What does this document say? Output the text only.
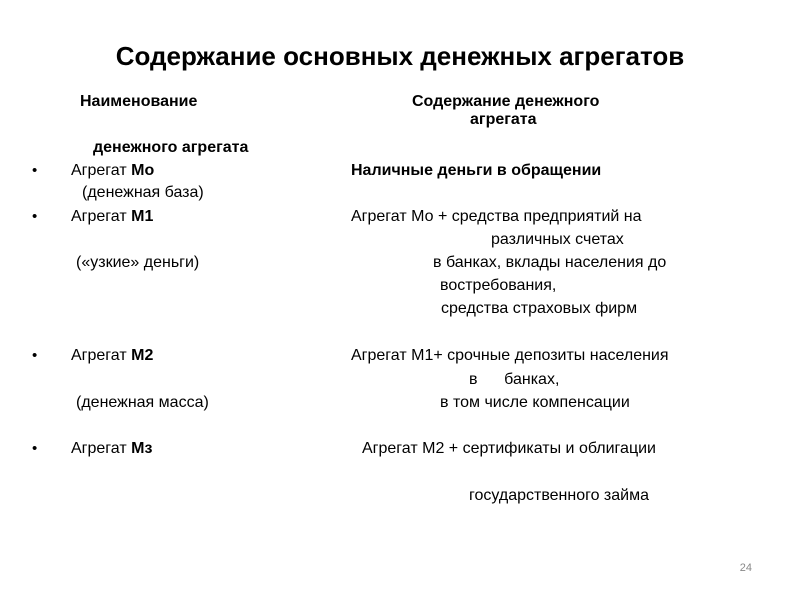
Содержание основных денежных агрегатов
Наименование
денежного агрегата
Содержание денежного
агрегата
• Агрегат Мо
(денежная база)
Наличные деньги в обращении
• Агрегат М1
(«узкие» деньги)
Агрегат Мо + средства предприятий на
различных счетах
в банках, вклады населения до
востребования,
средства страховых фирм
• Агрегат М2
(денежная масса)
Агрегат М1+ срочные депозиты населения
в      банках,
в том числе компенсации
• Агрегат Мз	Агрегат М2 + сертификаты и облигации
государственного займа
24
